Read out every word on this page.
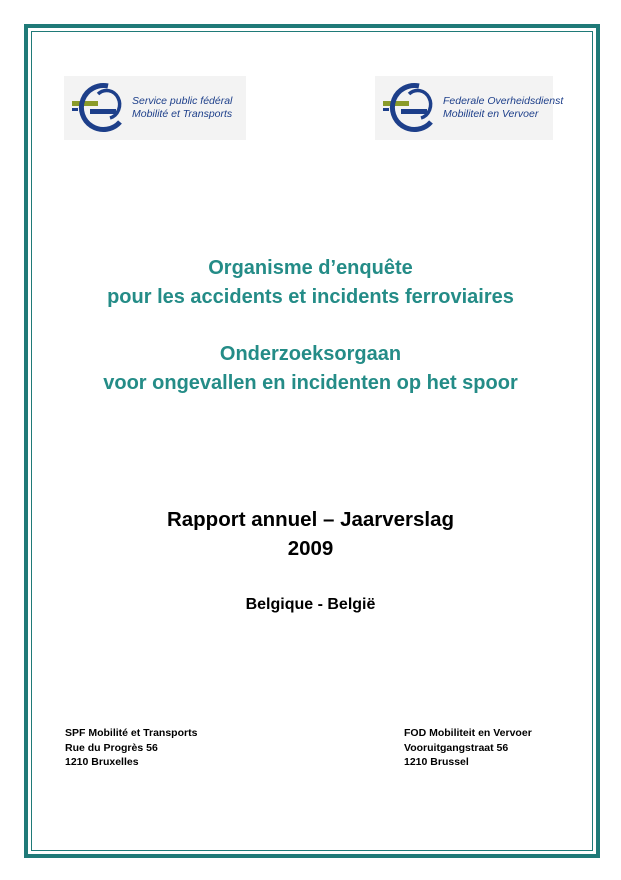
Service public fédéral
Mobilité et Transports
Federale Overheidsdienst
Mobiliteit en Vervoer
Organisme d’enquête
pour les accidents et incidents ferroviaires
Onderzoeksorgaan
voor ongevallen en incidenten op het spoor
Rapport annuel – Jaarverslag
2009
Belgique - België
SPF Mobilité et Transports
Rue du Progrès 56
1210 Bruxelles
FOD Mobiliteit en Vervoer
Vooruitgangstraat 56
1210 Brussel
